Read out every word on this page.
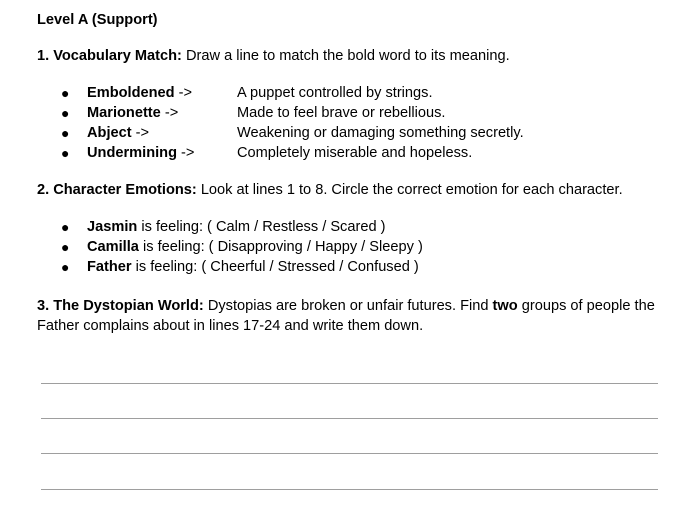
Level A (Support)
1. Vocabulary Match: Draw a line to match the bold word to its meaning.
● Emboldened ->	A puppet controlled by strings.
● Marionette ->	Made to feel brave or rebellious.
● Abject ->	Weakening or damaging something secretly.
● Undermining ->	Completely miserable and hopeless.
2. Character Emotions: Look at lines 1 to 8. Circle the correct emotion for each character.
● Jasmin is feeling: ( Calm / Restless / Scared )
● Camilla is feeling: ( Disapproving / Happy / Sleepy )
● Father is feeling: ( Cheerful / Stressed / Confused )
3. The Dystopian World: Dystopias are broken or unfair futures. Find two groups of people the Father complains about in lines 17-24 and write them down.
